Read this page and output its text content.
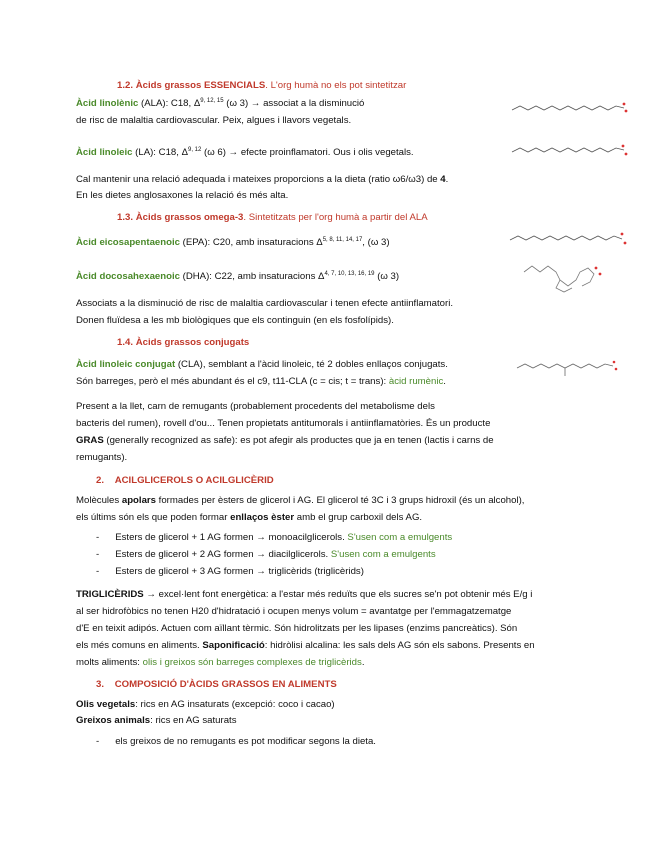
1.2. Àcids grassos ESSENCIALS. L'org humà no els pot sintetitzar
Àcid linolènic (ALA): C18, Δ$^{9, 12, 15}$ (ω 3) → associat a la disminució
de risc de malaltia cardiovascular. Peix, algues i llavors vegetals.
Àcid linoleic (LA): C18, Δ$^{9, 12}$ (ω 6) → efecte proinflamatori. Ous i olis vegetals.
Cal mantenir una relació adequada i mateixes proporcions a la dieta (ratio ω6/ω3) de 4.
En les dietes anglosaxones la relació és més alta.
1.3. Àcids grassos omega-3. Sintetitzats per l'org humà a partir del ALA
Àcid eicosapentaenoic (EPA): C20, amb insaturacions Δ$^{5, 8, 11, 14, 17}$, (ω 3)
Àcid docosahexaenoic (DHA): C22, amb insaturacions Δ$^{4, 7, 10, 13, 16, 19}$ (ω 3)
Associats a la disminució de risc de malaltia cardiovascular i tenen efecte antiinflamatori.
Donen fluïdesa a les mb biològiques que els continguin (en els fosfolípids).
1.4. Àcids grassos conjugats
Àcid linoleic conjugat (CLA), semblant a l'àcid linoleic, té 2 dobles enllaços conjugats.
Són barreges, però el més abundant és el c9, t11-CLA (c = cis; t = trans): àcid rumènic.
Present a la llet, carn de remugants (probablement procedents del metabolisme dels
bacteris del rumen), rovell d'ou... Tenen propietats antitumorals i antiinflamatòries. És un producte
GRAS (generally recognized as safe): es pot afegir als productes que ja en tenen (lactis i carns de
remugants).
2. ACILGLICEROLS O ACILGLICÈRID
Molècules apolars formades per èsters de glicerol i AG. El glicerol té 3C i 3 grups hidroxil (és un alcohol),
els últims són els que poden formar enllaços èster amb el grup carboxil dels AG.
- Esters de glicerol + 1 AG formen → monoacilglicerols. S'usen com a emulgents
- Esters de glicerol + 2 AG formen → diacilglicerols. S'usen com a emulgents
- Esters de glicerol + 3 AG formen → triglicèrids (triglicèrids)
TRIGLICÈRIDS → excel·lent font energètica: a l'estar més reduïts que els sucres se'n pot obtenir més E/g i
al ser hidrofòbics no tenen H20 d'hidratació i ocupen menys volum = avantatge per l'emmagatzematge
d'E en teixit adipós. Actuen com aïllant tèrmic. Són hidrolitzats per les lipases (enzims pancreàtics). Són
els més comuns en aliments. Saponificació: hidròlisi alcalina: les sals dels AG són els sabons. Presents en
molts aliments: olis i greixos són barreges complexes de triglicèrids.
3. COMPOSICIÓ D'ÀCIDS GRASSOS EN ALIMENTS
Olis vegetals: rics en AG insaturats (excepció: coco i cacao)
Greixos animals: rics en AG saturats
- els greixos de no remugants es pot modificar segons la dieta.
